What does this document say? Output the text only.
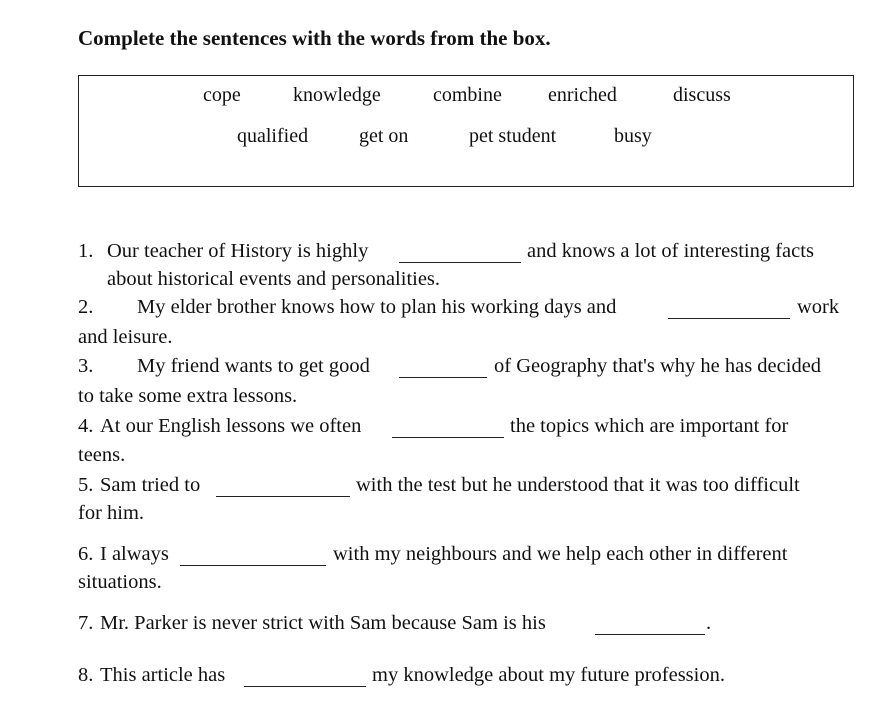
Complete the sentences with the words from the box.
cope	knowledge	combine enriched	discuss
qualified	get on	pet student	busy
1. Our teacher of History is highly	and knows a lot of interesting facts
about historical events and personalities.
2. My elder brother knows how to plan his working days and	work
and leisure.
3. My friend wants to get good	of Geography that's why he has decided
to take some extra lessons.
4. At our English lessons we often	the topics which are important for
teens.
5. Sam tried to	with the test but he understood that it was too difficult
for him.
6. I always	with my neighbours and we help each other in different
situations.
7. Mr. Parker is never strict with Sam because Sam is his	.
8. This article has	my knowledge about my future profession.
